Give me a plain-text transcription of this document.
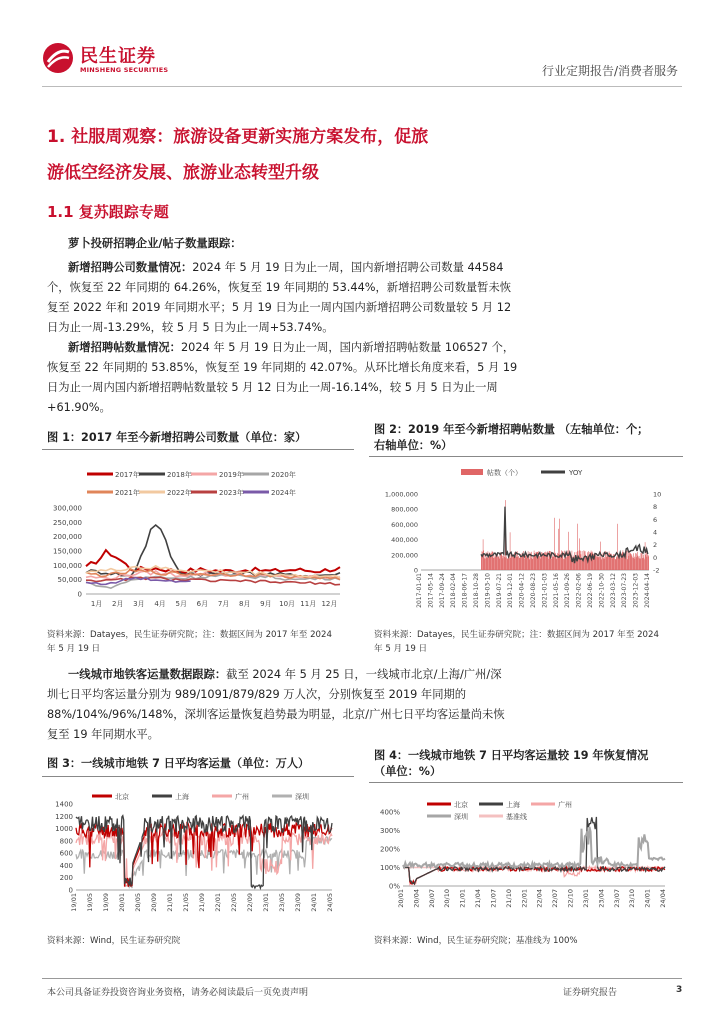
民生证券
MINSHENG SECURITIES	行业定期报告/消费者服务
1. 社服周观察：旅游设备更新实施方案发布，促旅
游低空经济发展、旅游业态转型升级
1.1 复苏跟踪专题
萝卜投研招聘企业/帖子数量跟踪：
新增招聘公司数量情况：2024 年 5 月 19 日为止一周，国内新增招聘公司数量 44584
个，恢复至 22 年同期的 64.26%，恢复至 19 年同期的 53.44%，新增招聘公司数量暂未恢
复至 2022 年和 2019 年同期水平；5 月 19 日为止一周内国内新增招聘公司数量较 5 月 12
日为止一周-13.29%，较 5 月 5 日为止一周+53.74%。
新增招聘帖数量情况：2024 年 5 月 19 日为止一周，国内新增招聘帖数量 106527 个，
恢复至 22 年同期的 53.85%，恢复至 19 年同期的 42.07%。从环比增长角度来看，5 月 19
日为止一周内国内新增招聘帖数量较 5 月 12 日为止一周-16.14%，较 5 月 5 日为止一周
+61.90%。
图 1：2017 年至今新增招聘公司数量（单位：家）
2017年	2018年	2019年	2020年
2021年	2022年	2023年	2024年
0
50,000
100,000
150,000
200,000
250,000
300,000
1月 2月 3月 4月 5月 6月 7月 8月 9月 10月 11月 12月
资料来源：Datayes，民生证券研究院；注：数据区间为 2017 年至 2024
年 5 月 19 日
图 2：2019 年至今新增招聘帖数量 （左轴单位：个；
右轴单位：%）
帖数（个）	YOY
0
200,000
400,000
600,000
800,000
1,000,000
-2
0
2
4
6
8
10
2017-01-01 2017-05-14 2017-09-24 2018-02-04 2018-06-17 2018-10-28 2019-03-10 2019-07-21 2019-12-01 2020-04-12 2020-08-23 2021-01-03 2021-05-16 2021-09-26 2022-02-06 2022-06-19 2022-10-30 2023-03-12 2023-07-23 2023-12-03 2024-04-14
资料来源：Datayes，民生证券研究院；注：数据区间为 2017 年至 2024
年 5 月 19 日
一线城市地铁客运量数据跟踪：截至 2024 年 5 月 25 日，一线城市北京/上海/广州/深
圳七日平均客运量分别为 989/1091/879/829 万人次，分别恢复至 2019 年同期的
88%/104%/96%/148%，深圳客运量恢复趋势最为明显，北京/广州七日平均客运量尚未恢
复至 19 年同期水平。
图 3：一线城市地铁 7 日平均客运量（单位：万人）
北京	上海	广州	深圳
0
200
400
600
800
1000
1200
1400
19/01 19/05 19/09 20/01 20/05 20/09 21/01 21/05 21/09 22/01 22/05 22/09 23/01 23/05 23/09 24/01 24/05
资料来源：Wind，民生证券研究院
图 4：一线城市地铁 7 日平均客运量较 19 年恢复情况
（单位：%）
北京	上海	广州
深圳	基准线
0%
100%
200%
300%
400%
20/01 20/04 20/07 20/10 21/01 21/04 21/07 21/10 22/01 22/04 22/07 22/10 23/01 23/04 23/07 23/10 24/01 24/04
资料来源：Wind，民生证券研究院；基准线为 100%
本公司具备证券投资咨询业务资格，请务必阅读最后一页免责声明	证券研究报告	3
